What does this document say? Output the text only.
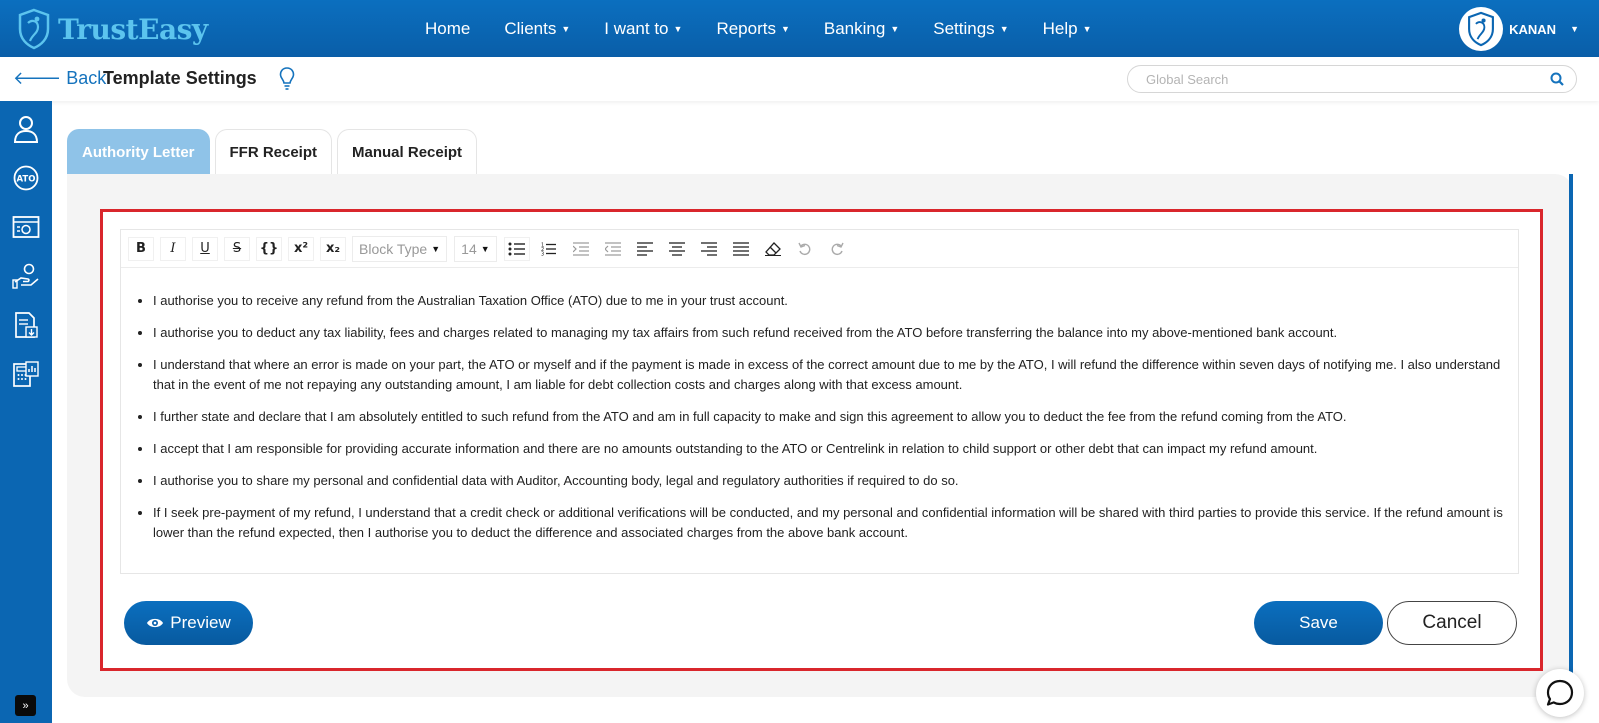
TrustEasy	Home Clients ▼ I want to ▼ Reports ▼ Banking ▼ Settings ▼ Help ▼	KANAN ▼
🡐 Back
Template Settings
Global Search
ATO
»
Authority Letter	FFR Receipt	Manual Receipt
B	I	U	S	{}	x²	x₂	Block Type ▼ 14 ▼	1
2
3
• I authorise you to receive any refund from the Australian Taxation Office (ATO) due to me in your trust account.
• I authorise you to deduct any tax liability, fees and charges related to managing my tax affairs from such refund received from the ATO before transferring the balance into my above-mentioned bank account.
• I understand that where an error is made on your part, the ATO or myself and if the payment is made in excess of the correct amount due to me by the ATO, I will refund the difference within seven days of notifying me. I also understand that in the event of me not repaying any outstanding amount, I am liable for debt collection costs and charges along with that excess amount.
• I further state and declare that I am absolutely entitled to such refund from the ATO and am in full capacity to make and sign this agreement to allow you to deduct the fee from the refund coming from the ATO.
• I accept that I am responsible for providing accurate information and there are no amounts outstanding to the ATO or Centrelink in relation to child support or other debt that can impact my refund amount.
• I authorise you to share my personal and confidential data with Auditor, Accounting body, legal and regulatory authorities if required to do so.
• If I seek pre-payment of my refund, I understand that a credit check or additional verifications will be conducted, and my personal and confidential information will be shared with third parties to provide this service. If the refund amount is lower than the refund expected, then I authorise you to deduct the difference and associated charges from the above bank account.
Preview	Save	Cancel
